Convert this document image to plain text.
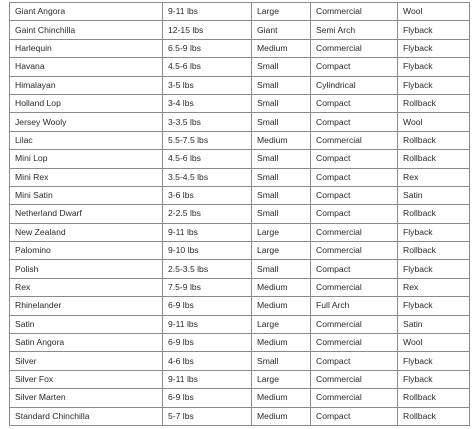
Giant Angora	9-11 lbs	Large	Commercial	Wool
Gaint Chinchilla	12-15 lbs	Giant	Semi Arch	Flyback
Harlequin	6.5-9 lbs	Medium	Commercial	Flyback
Havana	4.5-6 lbs	Small	Compact	Flyback
Himalayan	3-5 lbs	Small	Cylindrical	Flyback
Holland Lop	3-4 lbs	Small	Compact	Rollback
Jersey Wooly	3-3.5 lbs	Small	Compact	Wool
Lilac	5.5-7.5 lbs	Medium	Commercial	Rollback
Mini Lop	4.5-6 lbs	Small	Compact	Rollback
Mini Rex	3.5-4.5 lbs	Small	Compact	Rex
Mini Satin	3-6 lbs	Small	Compact	Satin
Netherland Dwarf	2-2.5 lbs	Small	Compact	Rollback
New Zealand	9-11 lbs	Large	Commercial	Flyback
Palomino	9-10 lbs	Large	Commercial	Rollback
Polish	2.5-3.5 lbs	Small	Compact	Flyback
Rex	7.5-9 lbs	Medium	Commercial	Rex
Rhinelander	6-9 lbs	Medium	Full Arch	Flyback
Satin	9-11 lbs	Large	Commercial	Satin
Satin Angora	6-9 lbs	Medium	Commercial	Wool
Silver	4-6 lbs	Small	Compact	Flyback
Silver Fox	9-11 lbs	Large	Commercial	Flyback
Silver Marten	6-9 lbs	Medium	Commercial	Rollback
Standard Chinchilla	5-7 lbs	Medium	Compact	Rollback
